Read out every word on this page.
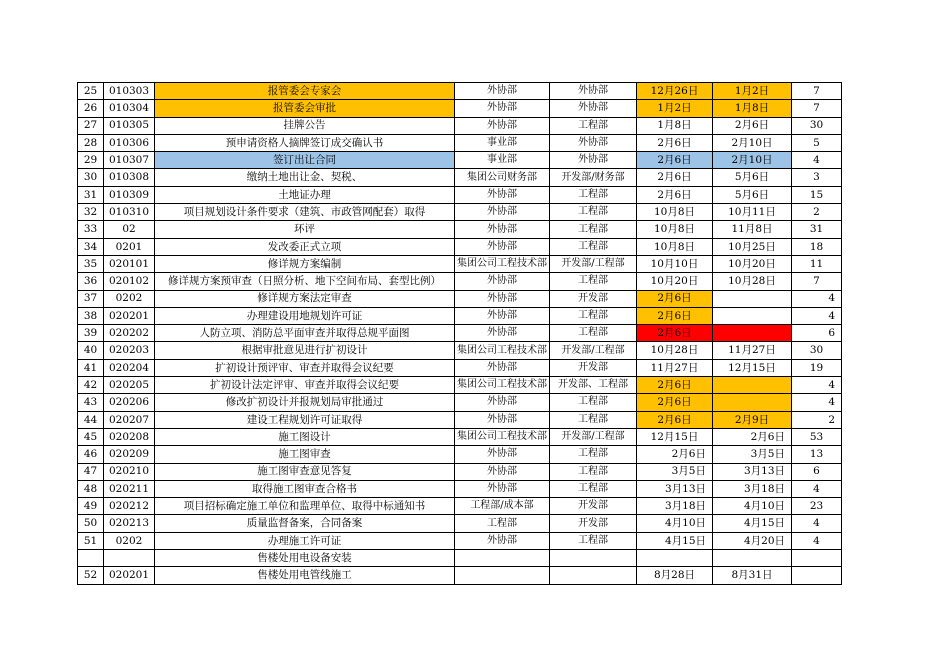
25	010303	报管委会专家会	外协部	外协部	12月26日	1月2日	7
26	010304	报管委会审批	外协部	外协部	1月2日	1月8日	7
27	010305	挂牌公告	外协部	工程部	1月8日	2月6日	30
28	010306	预申请资格人摘牌签订成交确认书	事业部	外协部	2月6日	2月10日	5
29	010307	签订出让合同	事业部	外协部	2月6日	2月10日	4
30	010308	缴纳土地出让金、契税、	集团公司财务部	开发部/财务部	2月6日	5月6日	3
31	010309	土地证办理	外协部	工程部	2月6日	5月6日	15
32	010310	项目规划设计条件要求（建筑、市政管网配套）取得	外协部	工程部	10月8日	10月11日	2
33	02	环评	外协部	工程部	10月8日	11月8日	31
34	0201	发改委正式立项	外协部	工程部	10月8日	10月25日	18
35	020101	修详规方案编制	集团公司工程技术部	开发部/工程部	10月10日	10月20日	11
36	020102	修详规方案预审查（日照分析、地下空间布局、套型比例）	外协部	工程部	10月20日	10月28日	7
37	0202	修详规方案法定审查	外协部	开发部	2月6日		4
38	020201	办理建设用地规划许可证	外协部	工程部	2月6日		4
39	020202	人防立项、消防总平面审查并取得总规平面图	外协部	工程部	2月6日		6
40	020203	根据审批意见进行扩初设计	集团公司工程技术部	开发部/工程部	10月28日	11月27日	30
41	020204	扩初设计预评审、审查并取得会议纪要	外协部	开发部	11月27日	12月15日	19
42	020205	扩初设计法定评审、审查并取得会议纪要	集团公司工程技术部	开发部、工程部	2月6日		4
43	020206	修改扩初设计并报规划局审批通过	外协部	工程部	2月6日		4
44	020207	建设工程规划许可证取得	外协部	工程部	2月6日	2月9日	2
45	020208	施工图设计	集团公司工程技术部	开发部/工程部	12月15日	2月6日	53
46	020209	施工图审查	外协部	工程部	2月6日	3月5日	13
47	020210	施工图审查意见答复	外协部	工程部	3月5日	3月13日	6
48	020211	取得施工图审查合格书	外协部	工程部	3月13日	3月18日	4
49	020212	项目招标确定施工单位和监理单位、取得中标通知书	工程部/成本部	开发部	3月18日	4月10日	23
50	020213	质量监督备案，合同备案	工程部	开发部	4月10日	4月15日	4
51	0202	办理施工许可证	外协部	工程部	4月15日	4月20日	4
		售楼处用电设备安装					
52	020201	售楼处用电管线施工			8月28日	8月31日	
